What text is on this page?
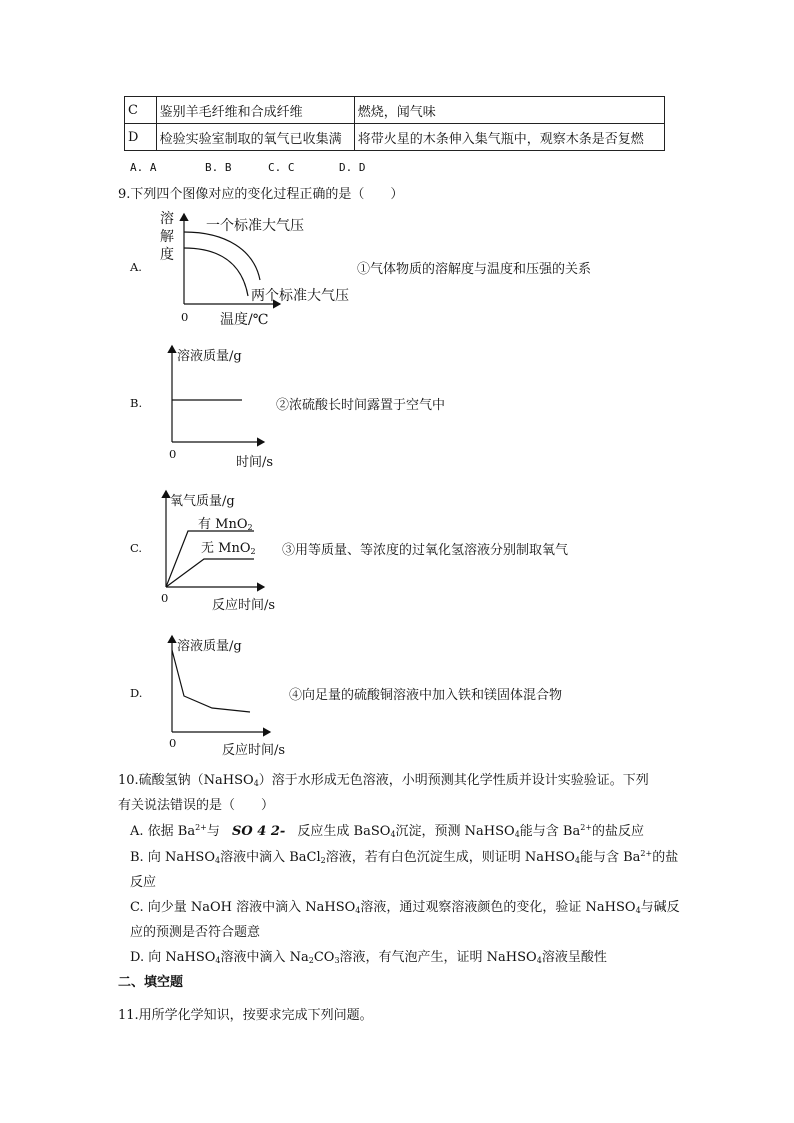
C	鉴别羊毛纤维和合成纤维	燃烧，闻气味
D	检验实验室制取的氧气已收集满	将带火星的木条伸入集气瓶中，观察木条是否复燃
A. A	B. B	C. C	D. D
9.下列四个图像对应的变化过程正确的是（　　）
A.
溶
解
度
一个标准大气压
两个标准大气压
0 温度/℃
①气体物质的溶解度与温度和压强的关系
B.
溶液质量/g
0
时间/s
②浓硫酸长时间露置于空气中
C.
氧气质量/g
有 MnO$_2$
无 MnO$_2$
0	反应时间/s
③用等质量、等浓度的过氧化氢溶液分别制取氧气
D.
溶液质量/g
0	反应时间/s
④向足量的硫酸铜溶液中加入铁和镁固体混合物
10.硫酸氢钠（NaHSO$_4$）溶于水形成无色溶液，小明预测其化学性质并设计实验验证。下列
有关说法错误的是（　　）
A. 依据 $Ba^{2+}$与 SO 4 2- 反应生成 BaSO$_4$沉淀，预测 NaHSO$_4$能与含 $Ba^{2+}$的盐反应
B. 向 NaHSO$_4$溶液中滴入 BaCl$_2$溶液，若有白色沉淀生成，则证明 NaHSO$_4$能与含 $Ba^{2+}$的盐
反应
C. 向少量 NaOH 溶液中滴入 NaHSO$_4$溶液，通过观察溶液颜色的变化，验证 NaHSO$_4$与碱反
应的预测是否符合题意
D. 向 NaHSO$_4$溶液中滴入 $Na_2CO_3$溶液，有气泡产生，证明 NaHSO$_4$溶液呈酸性
二、填空题
11.用所学化学知识，按要求完成下列问题。
